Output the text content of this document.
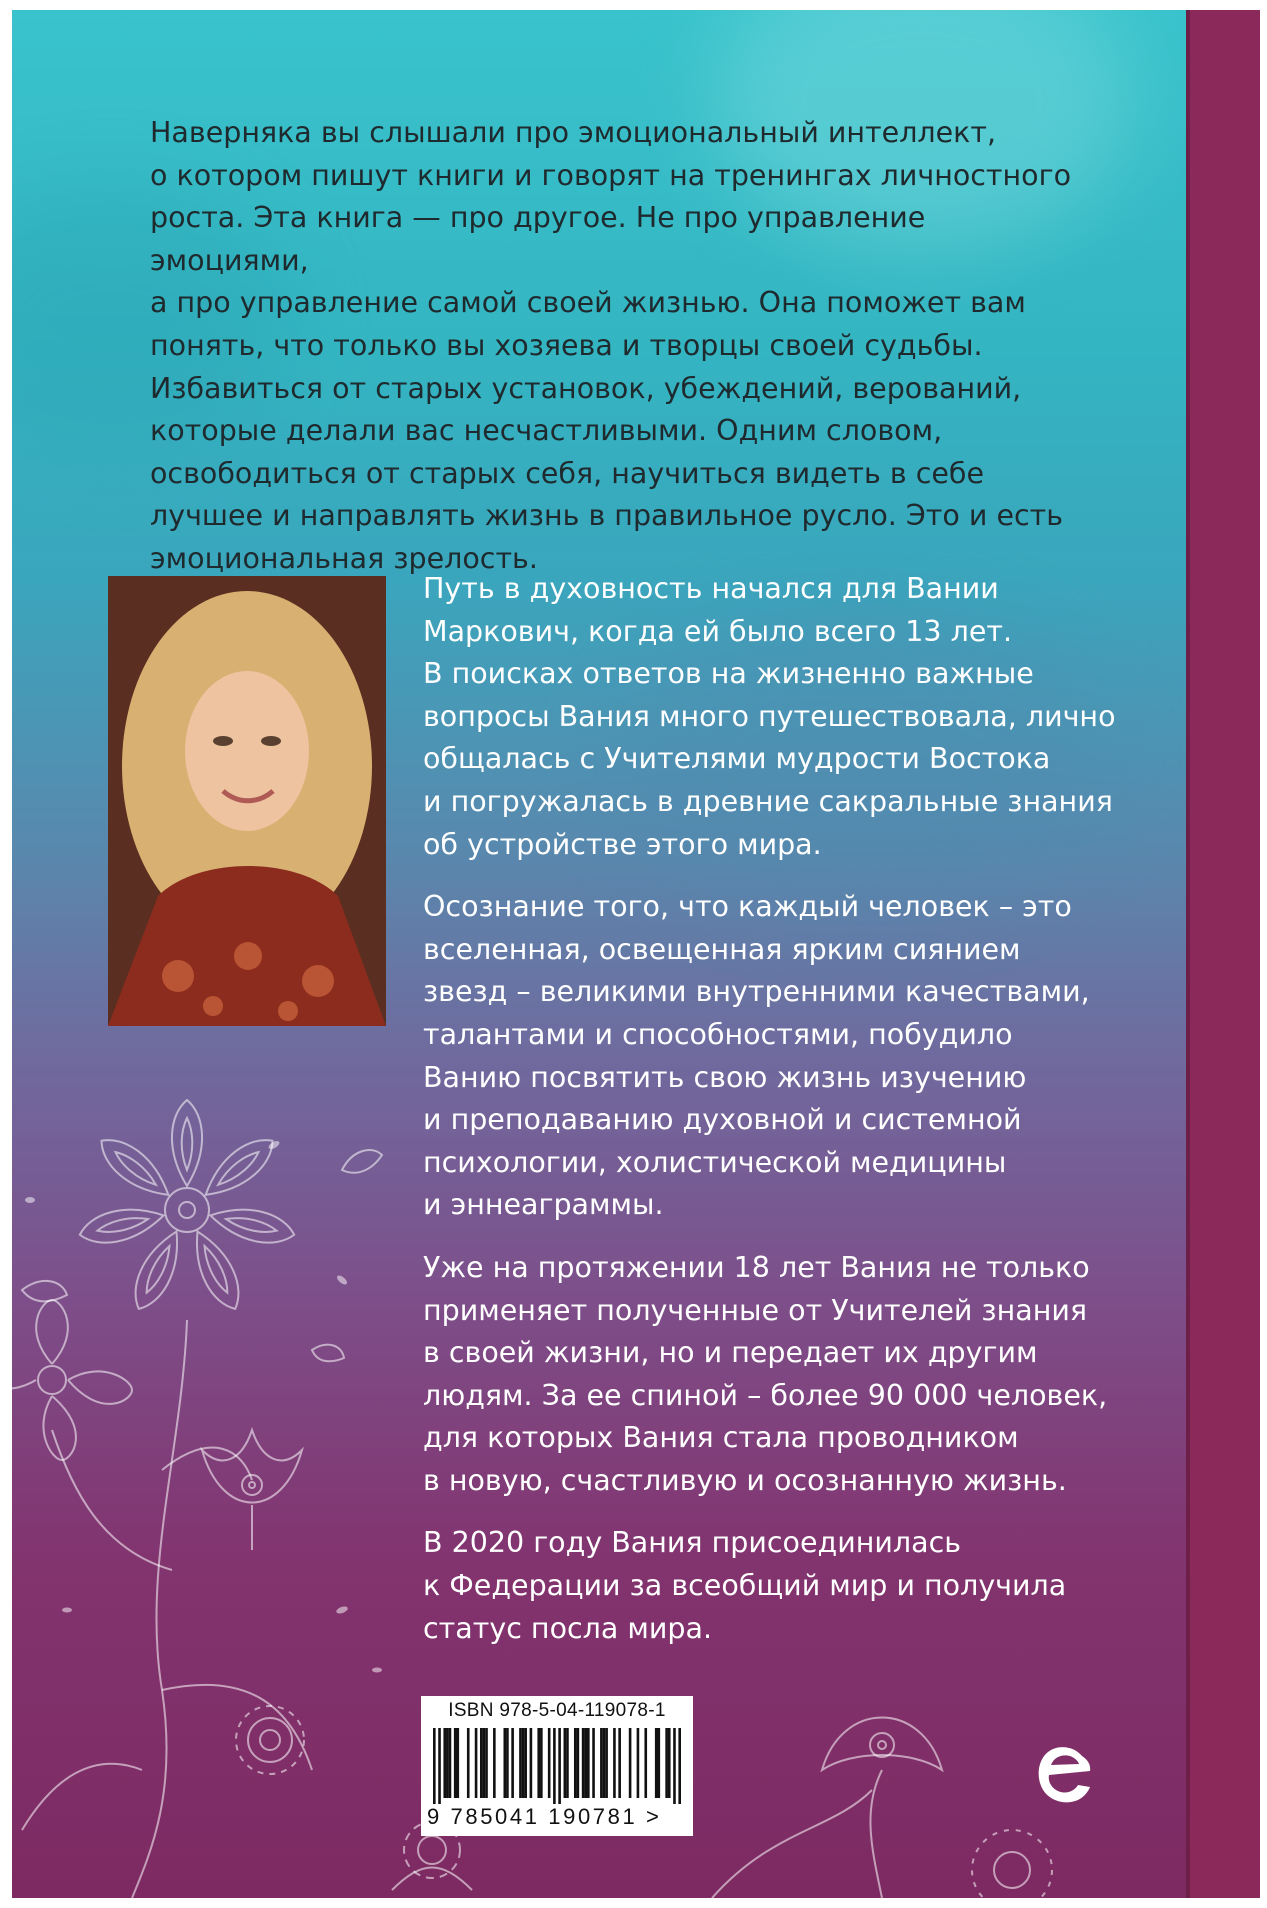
Наверняка вы слышали про эмоциональный интеллект,
о котором пишут книги и говорят на тренингах личностного
роста. Эта книга — про другое. Не про управление эмоциями,
а про управление самой своей жизнью. Она поможет вам
понять, что только вы хозяева и творцы своей судьбы.
Избавиться от старых установок, убеждений, верований,
которые делали вас несчастливыми. Одним словом,
освободиться от старых себя, научиться видеть в себе
лучшее и направлять жизнь в правильное русло. Это и есть
эмоциональная зрелость.

Путь в духовность начался для Вании
Маркович, когда ей было всего 13 лет.
В поисках ответов на жизненно важные
вопросы Вания много путешествовала, лично
общалась с Учителями мудрости Востока
и погружалась в древние сакральные знания
об устройстве этого мира.

Осознание того, что каждый человек – это
вселенная, освещенная ярким сиянием
звезд – великими внутренними качествами,
талантами и способностями, побудило
Ванию посвятить свою жизнь изучению
и преподаванию духовной и системной
психологии, холистической медицины
и эннеаграммы.

Уже на протяжении 18 лет Вания не только
применяет полученные от Учителей знания
в своей жизни, но и передает их другим
людям. За ее спиной – более 90 000 человек,
для которых Вания стала проводником
в новую, счастливую и осознанную жизнь.

В 2020 году Вания присоединилась
к Федерации за всеобщий мир и получила
статус посла мира.

ISBN 978-5-04-119078-1
9 785041 190781 >
